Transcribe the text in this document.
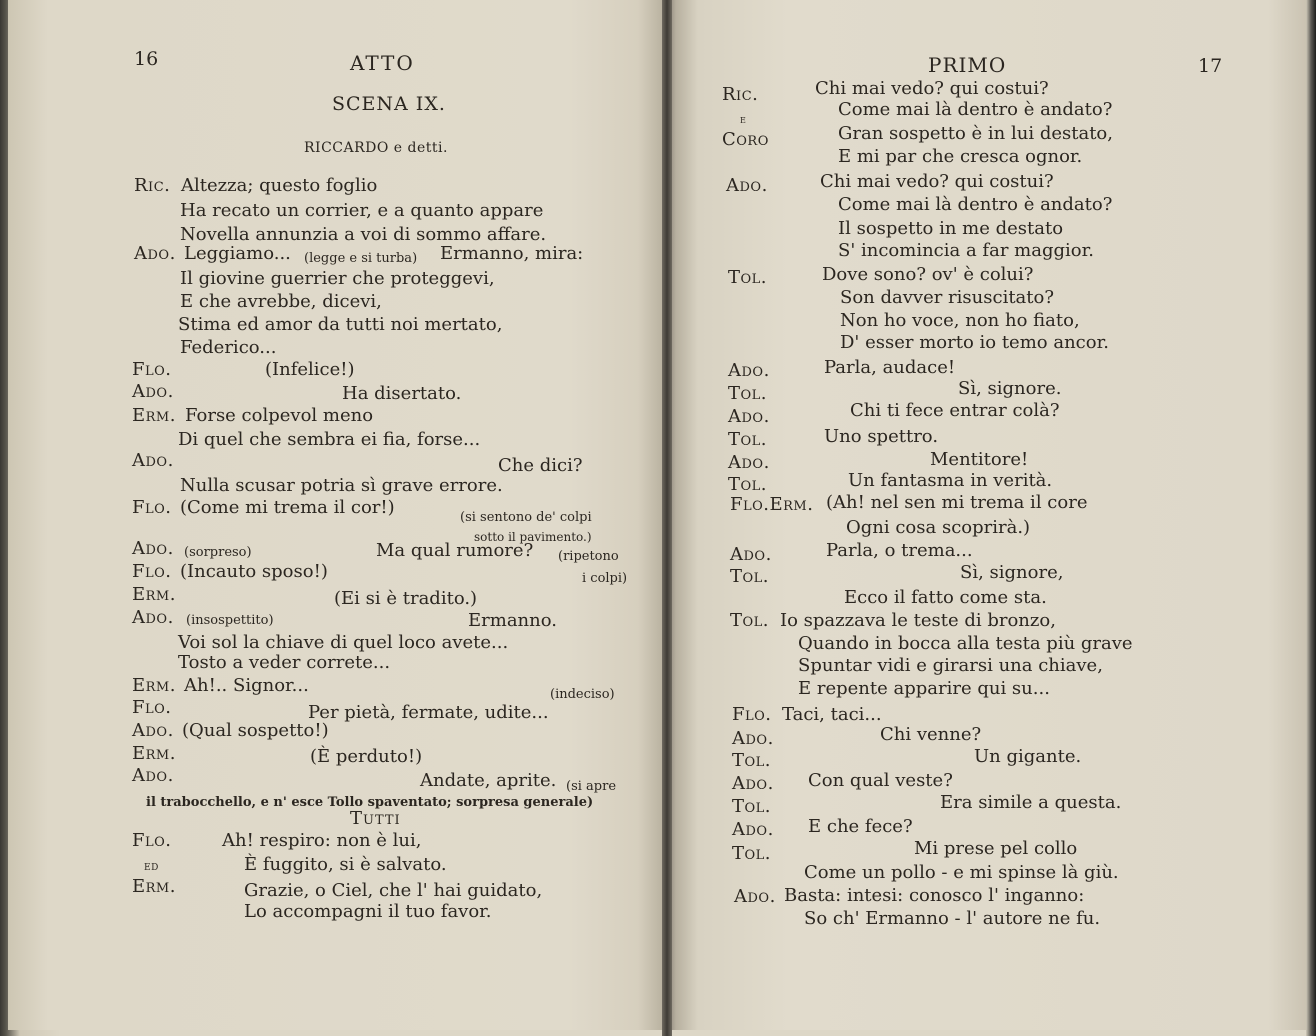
16	ATTO
SCENA IX.
RICCARDO e detti.
Ric. Altezza; questo foglio
Ha recato un corrier, e a quanto appare
Novella annunzia a voi di sommo affare.
Ado. Leggiamo... (legge e si turba) Ermanno, mira:
Il giovine guerrier che proteggevi,
E che avrebbe, dicevi,
Stima ed amor da tutti noi mertato,
Federico...
Flo.	(Infelice!)
Ado.	Ha disertato.
Erm. Forse colpevol meno
Di quel che sembra ei fia, forse...
Ado.	Che dici?
Nulla scusar potria sì grave errore.
Flo. (Come mi trema il cor!)	(si sentono de' colpi
sotto il pavimento.)
Ado. (sorpreso)	Ma qual rumore? (ripetono
i colpi)
Flo. (Incauto sposo!)
Erm.	(Ei si è tradito.)
Ado. (insospettito)	Ermanno.
Voi sol la chiave di quel loco avete...
Tosto a veder correte...
Erm. Ah!.. Signor...	(indeciso)
Flo.	Per pietà, fermate, udite...
Ado. (Qual sospetto!)
Erm.	(È perduto!)
Ado.	Andate, aprite. (si apre
il trabocchello, e n' esce Tollo spaventato; sorpresa generale)
Tutti
Flo.	Ah! respiro: non è lui,
ed	È fuggito, si è salvato.
Erm.	Grazie, o Ciel, che l' hai guidato,
Lo accompagni il tuo favor.
PRIMO	17
Ric.	Chi mai vedo? qui costui?
e	Come mai là dentro è andato?
Coro	Gran sospetto è in lui destato,
E mi par che cresca ognor.
Ado.	Chi mai vedo? qui costui?
Come mai là dentro è andato?
Il sospetto in me destato
S' incomincia a far maggior.
Tol.	Dove sono? ov' è colui?
Son davver risuscitato?
Non ho voce, non ho fiato,
D' esser morto io temo ancor.
Ado.	Parla, audace!
Tol.	Sì, signore.
Ado.	Chi ti fece entrar colà?
Tol.	Uno spettro.
Ado.	Mentitore!
Tol.	Un fantasma in verità.
Flo.Erm. (Ah! nel sen mi trema il core
Ogni cosa scoprirà.)
Ado.	Parla, o trema...
Tol.	Sì, signore,
Ecco il fatto come sta.
Tol. Io spazzava le teste di bronzo,
Quando in bocca alla testa più grave
Spuntar vidi e girarsi una chiave,
E repente apparire qui su...
Flo. Taci, taci...
Ado.	Chi venne?
Tol.	Un gigante.
Ado. Con qual veste?
Tol.	Era simile a questa.
Ado. E che fece?
Tol.	Mi prese pel collo
Come un pollo - e mi spinse là giù.
Ado. Basta: intesi: conosco l' inganno:
So ch' Ermanno - l' autore ne fu.
